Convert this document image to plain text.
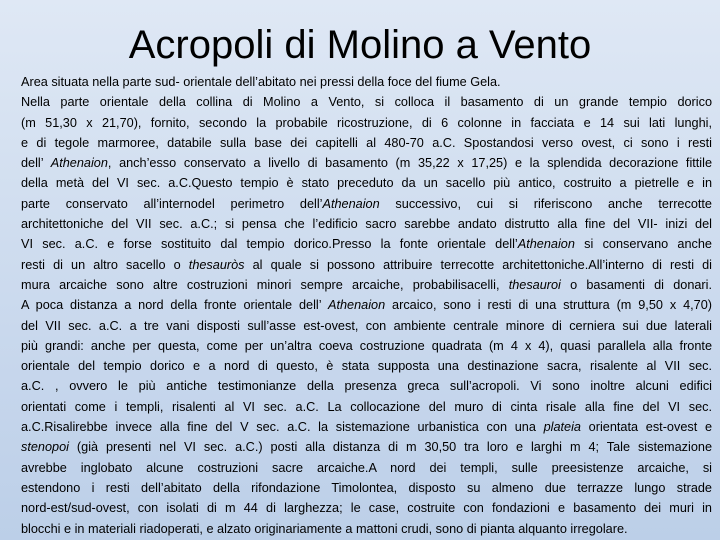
Acropoli di Molino a Vento
Area situata nella parte sud- orientale dell’abitato nei pressi della foce del fiume Gela.
Nella parte orientale della collina di Molino a Vento, si colloca il basamento di un grande tempio dorico
(m 51,30 x 21,70), fornito, secondo la probabile ricostruzione, di 6 colonne in facciata e 14 sui lati lunghi,
e di tegole marmoree, databile sulla base dei capitelli al 480-70 a.C. Spostandosi verso ovest, ci sono i resti
dell’ Athenaion, anch’esso conservato a livello di basamento (m 35,22 x 17,25) e la splendida decorazione fittile
della metà del VI sec. a.C.Questo tempio è stato preceduto da un sacello più antico, costruito a pietrelle e in
parte conservato all’internodel perimetro dell’Athenaion successivo, cui si riferiscono anche terrecotte
architettoniche del VII sec. a.C.; si pensa che l’edificio sacro sarebbe andato distrutto alla fine del VII- inizi del
VI sec. a.C. e forse sostituito dal tempio dorico.Presso la fonte orientale dell’Athenaion si conservano anche
resti di un altro sacello o thesauròs al quale si possono attribuire terrecotte architettoniche.All’interno di resti di
mura arcaiche sono altre costruzioni minori sempre arcaiche, probabilisacelli, thesauroi o basamenti di donari.
A poca distanza a nord della fronte orientale dell’ Athenaion arcaico, sono i resti di una struttura (m 9,50 x 4,70)
del VII sec. a.C. a tre vani disposti sull’asse est-ovest, con ambiente centrale minore di cerniera sui due laterali
più grandi: anche per questa, come per un’altra coeva costruzione quadrata (m 4 x 4), quasi parallela alla fronte
orientale del tempio dorico e a nord di questo, è stata supposta una destinazione sacra, risalente al VII sec.
a.C. , ovvero le più antiche testimonianze della presenza greca sull’acropoli. Vi sono inoltre alcuni edifici
orientati come i templi, risalenti al VI sec. a.C. La collocazione del muro di cinta risale alla fine del VI sec.
a.C.Risalirebbe invece alla fine del V sec. a.C. la sistemazione urbanistica con una plateia orientata est-ovest e
stenopoi (già presenti nel VI sec. a.C.) posti alla distanza di m 30,50 tra loro e larghi m 4; Tale sistemazione
avrebbe inglobato alcune costruzioni sacre arcaiche.A nord dei templi, sulle preesistenze arcaiche, si
estendono i resti dell’abitato della rifondazione Timolontea, disposto su almeno due terrazze lungo strade
nord-est/sud-ovest, con isolati di m 44 di larghezza; le case, costruite con fondazioni e basamento dei muri in
blocchi e in materiali riadoperati, e alzato originariamente a mattoni crudi, sono di pianta alquanto irregolare.
